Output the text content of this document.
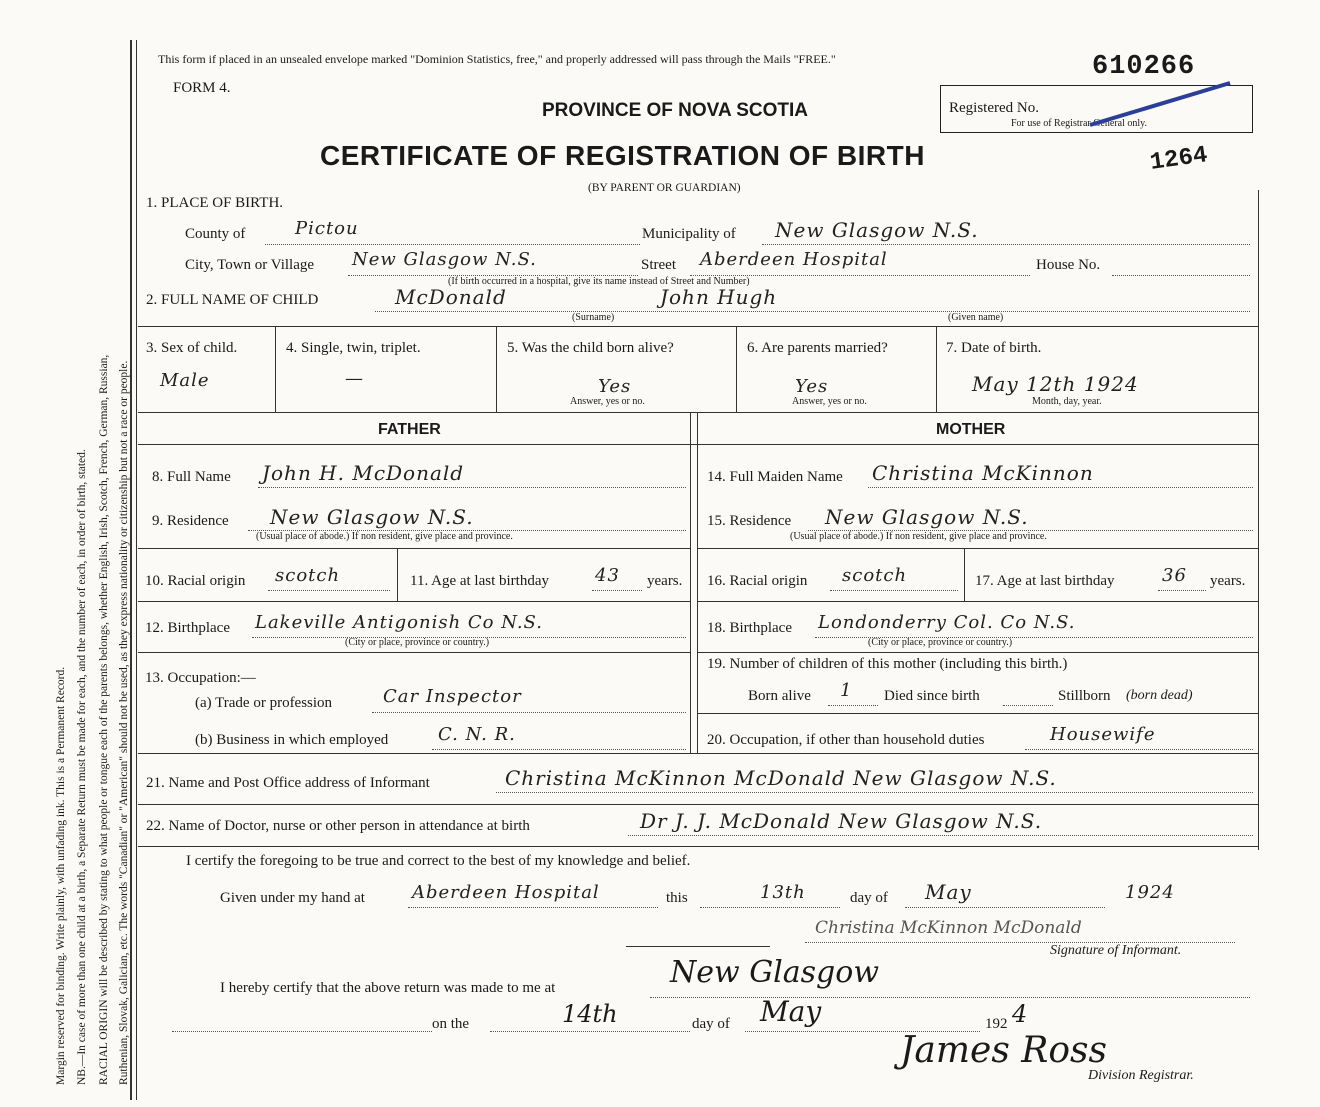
Margin reserved for binding. Write plainly, with unfading ink. This is a Permanent Record. NB.—In case of more than one child at a birth, a Separate Return must be made for each, and the number of each, in order of birth, stated. RACIAL ORIGIN will be described by stating to what people or tongue each of the parents belongs, whether English, Irish, Scotch, French, German, Russian, Ruthenian, Slovak, Galician, etc. The words "Canadian" or "American" should not be used, as they express nationality or citizenship but not a race or people.
This form if placed in an unsealed envelope marked "Dominion Statistics, free," and properly addressed will pass through the Mails "FREE."	610266
FORM 4.
PROVINCE OF NOVA SCOTIA
CERTIFICATE OF REGISTRATION OF BIRTH
(BY PARENT OR GUARDIAN)
Registered No.
For use of Registrar General only.
1264
1. PLACE OF BIRTH.
County of	Pictou	Municipality of New Glasgow N.S.
City, Town or Village New Glasgow N.S.	Street Aberdeen Hospital	House No.
(If birth occurred in a hospital, give its name instead of Street and Number)
2. FULL NAME OF CHILD	McDonald	John Hugh
(Surname)	(Given name)
3. Sex of child.
Male
4. Single, twin, triplet.
—
5. Was the child born alive?
Yes
Answer, yes or no.
6. Are parents married?
Yes
Answer, yes or no.
7. Date of birth.
May 12th 1924
Month, day, year.
FATHER	MOTHER
8. Full Name John H. McDonald
9. Residence New Glasgow N.S.
(Usual place of abode.) If non resident, give place and province.
10. Racial origin scotch	11. Age at last birthday	43 years.
12. Birthplace Lakeville Antigonish Co N.S.
(City or place, province or country.)
13. Occupation:—
(a) Trade or profession	Car Inspector
(b) Business in which employed	C. N. R.
14. Full Maiden Name Christina McKinnon
15. Residence New Glasgow N.S.
(Usual place of abode.) If non resident, give place and province.
16. Racial origin scotch	17. Age at last birthday	36 years.
18. Birthplace Londonderry Col. Co N.S.
(City or place, province or country.)
19. Number of children of this mother (including this birth.)
Born alive 1 Died since birth	Stillborn (born dead)
20. Occupation, if other than household duties	Housewife
21. Name and Post Office address of Informant	Christina McKinnon McDonald New Glasgow N.S.
22. Name of Doctor, nurse or other person in attendance at birth	Dr J. J. McDonald New Glasgow N.S.
I certify the foregoing to be true and correct to the best of my knowledge and belief.
Given under my hand at	Aberdeen Hospital	this	13th	day of May	1924
Christina McKinnon McDonald
Signature of Informant.
I hereby certify that the above return was made to me at	New Glasgow
on the	14th	day of May	192 4
James Ross
Division Registrar.
